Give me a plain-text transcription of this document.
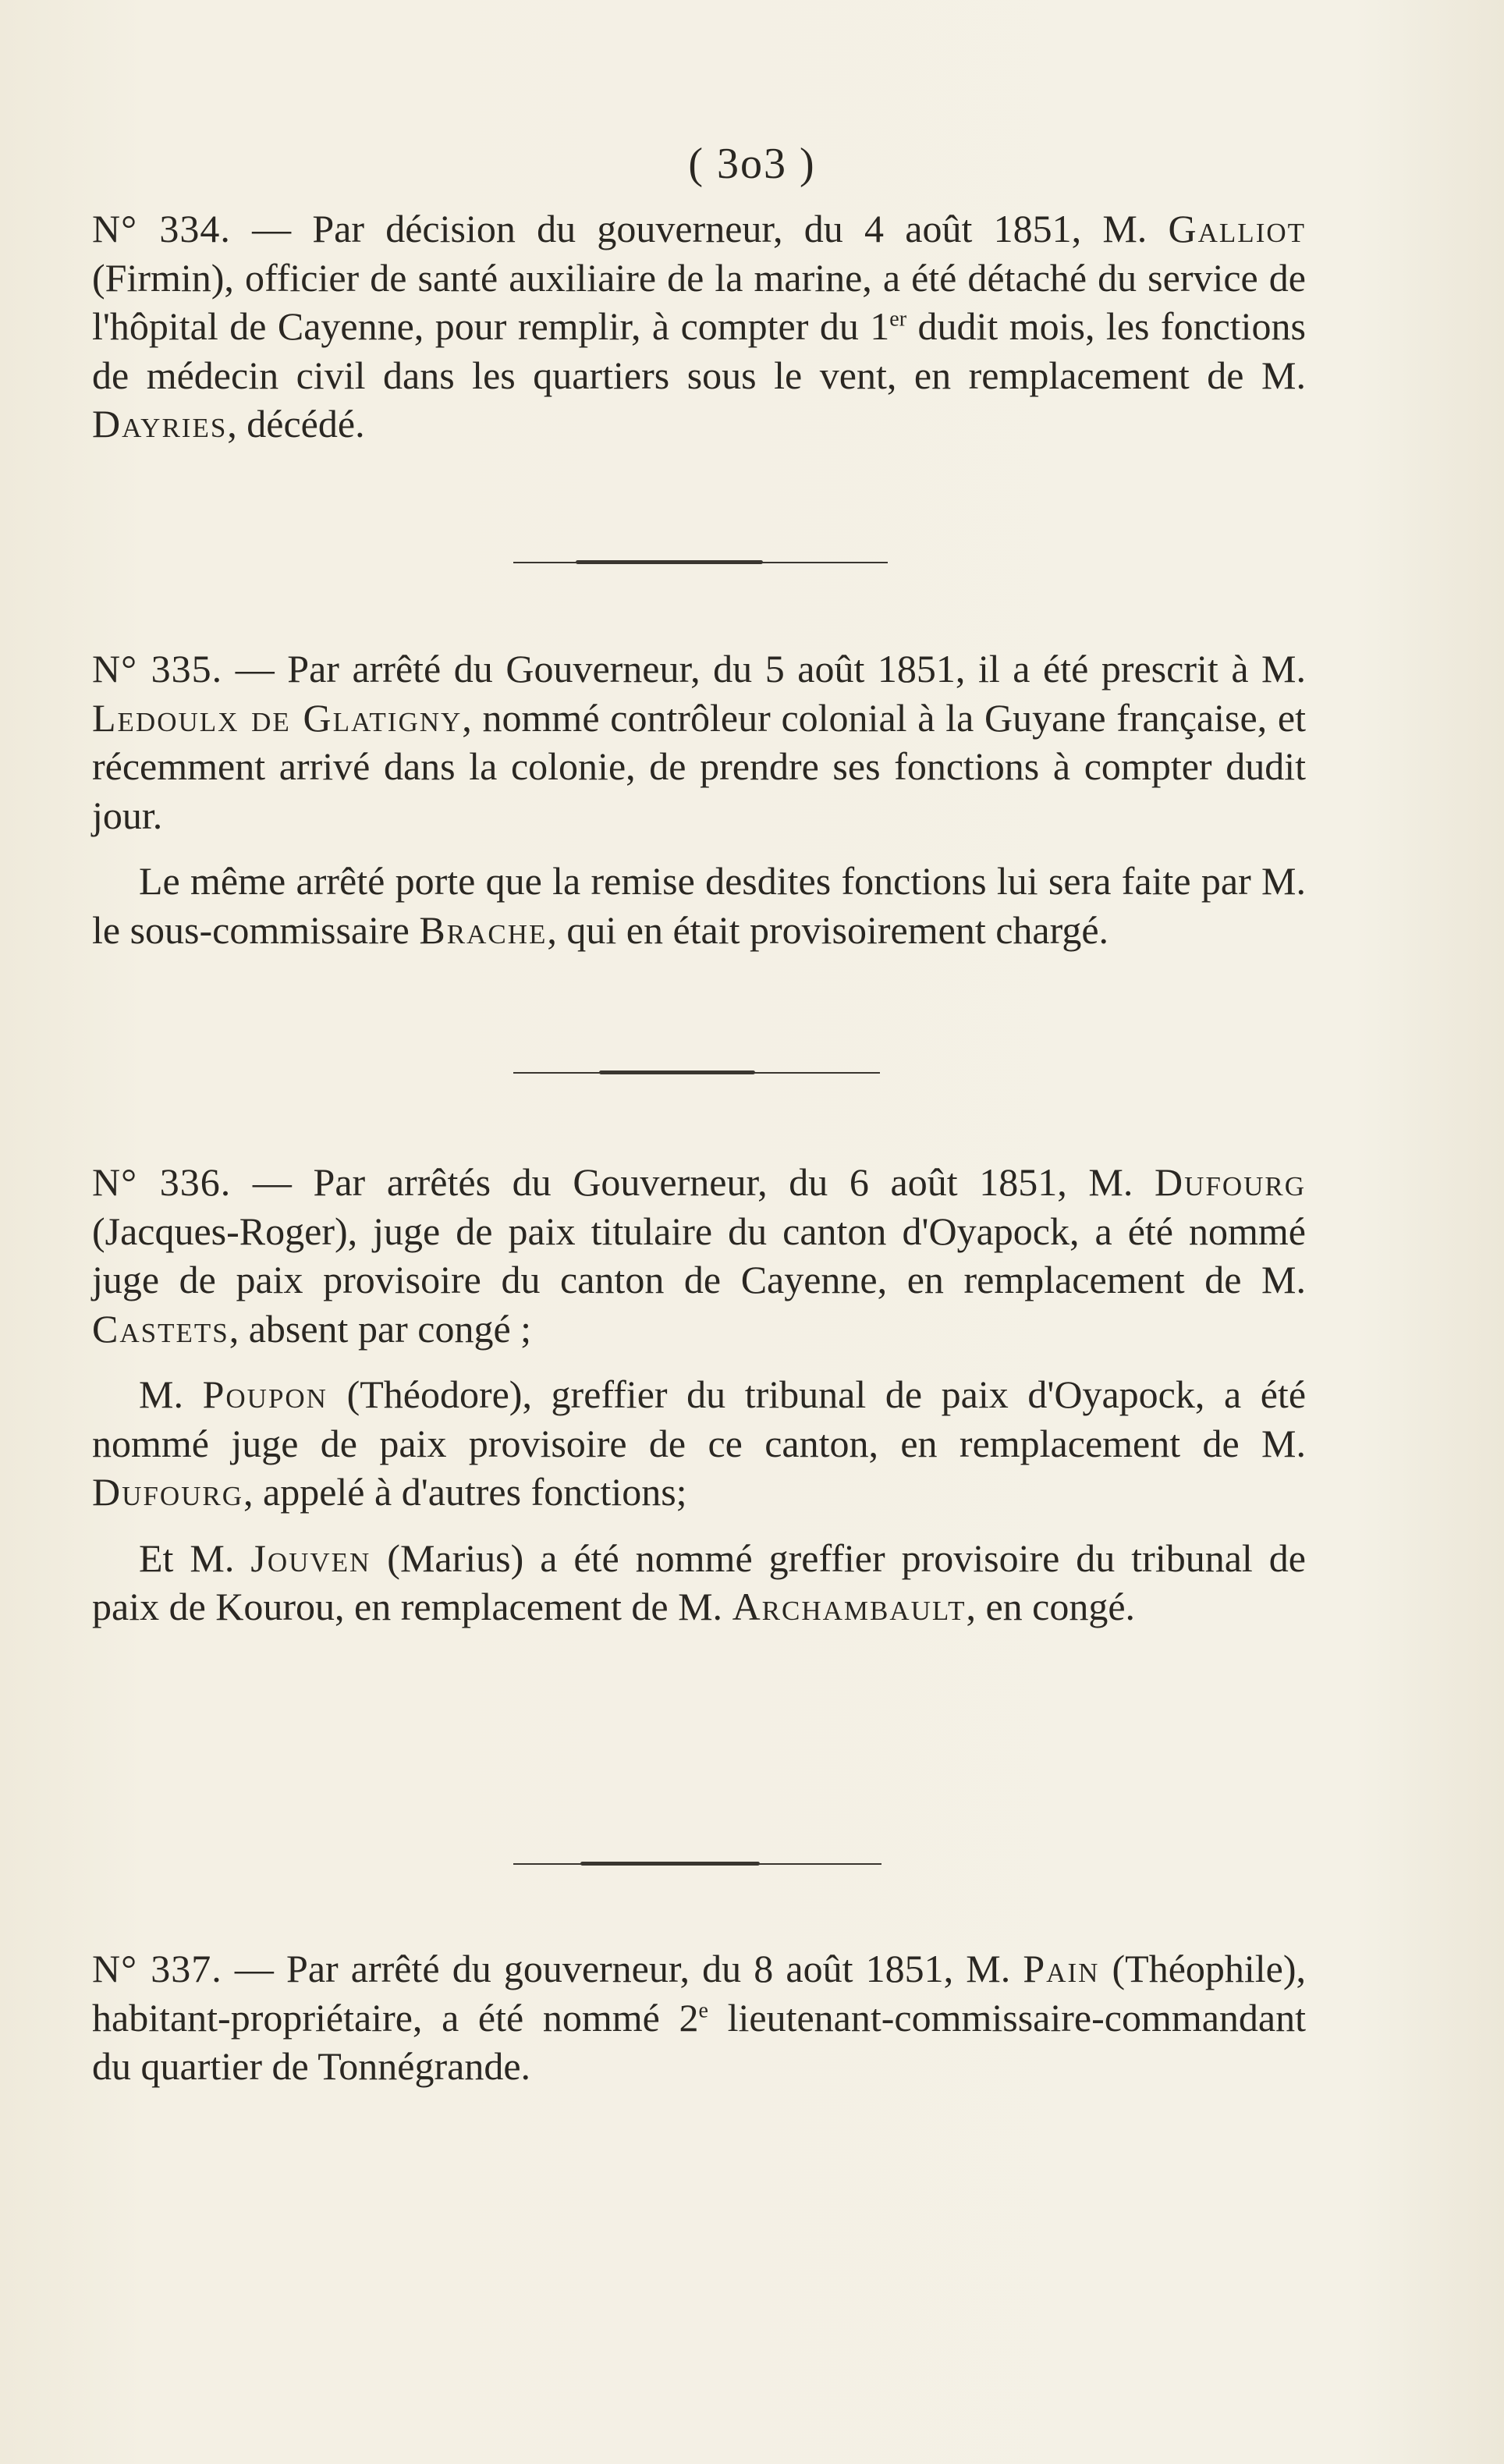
( 3o3 )

N° 334. — Par décision du gouverneur, du 4 août 1851, M. Galliot (Firmin), officier de santé auxiliaire de la marine, a été détaché du service de l'hôpital de Cayenne, pour remplir, à compter du 1er dudit mois, les fonctions de médecin civil dans les quartiers sous le vent, en remplacement de M. Dayries, décédé.

N° 335. — Par arrêté du Gouverneur, du 5 août 1851, il a été prescrit à M. Ledoulx de Glatigny, nommé contrôleur colonial à la Guyane française, et récemment arrivé dans la colonie, de prendre ses fonctions à compter dudit jour.

Le même arrêté porte que la remise desdites fonctions lui sera faite par M. le sous-commissaire Brache, qui en était provisoirement chargé.

N° 336. — Par arrêtés du Gouverneur, du 6 août 1851, M. Dufourg (Jacques-Roger), juge de paix titulaire du canton d'Oyapock, a été nommé juge de paix provisoire du canton de Cayenne, en remplacement de M. Castets, absent par congé ;

M. Poupon (Théodore), greffier du tribunal de paix d'Oyapock, a été nommé juge de paix provisoire de ce canton, en remplacement de M. Dufourg, appelé à d'autres fonctions;

Et M. Jouven (Marius) a été nommé greffier provisoire du tribunal de paix de Kourou, en remplacement de M. Archambault, en congé.

N° 337. — Par arrêté du gouverneur, du 8 août 1851, M. Pain (Théophile), habitant-propriétaire, a été nommé 2e lieutenant-commissaire-commandant du quartier de Tonnégrande.
